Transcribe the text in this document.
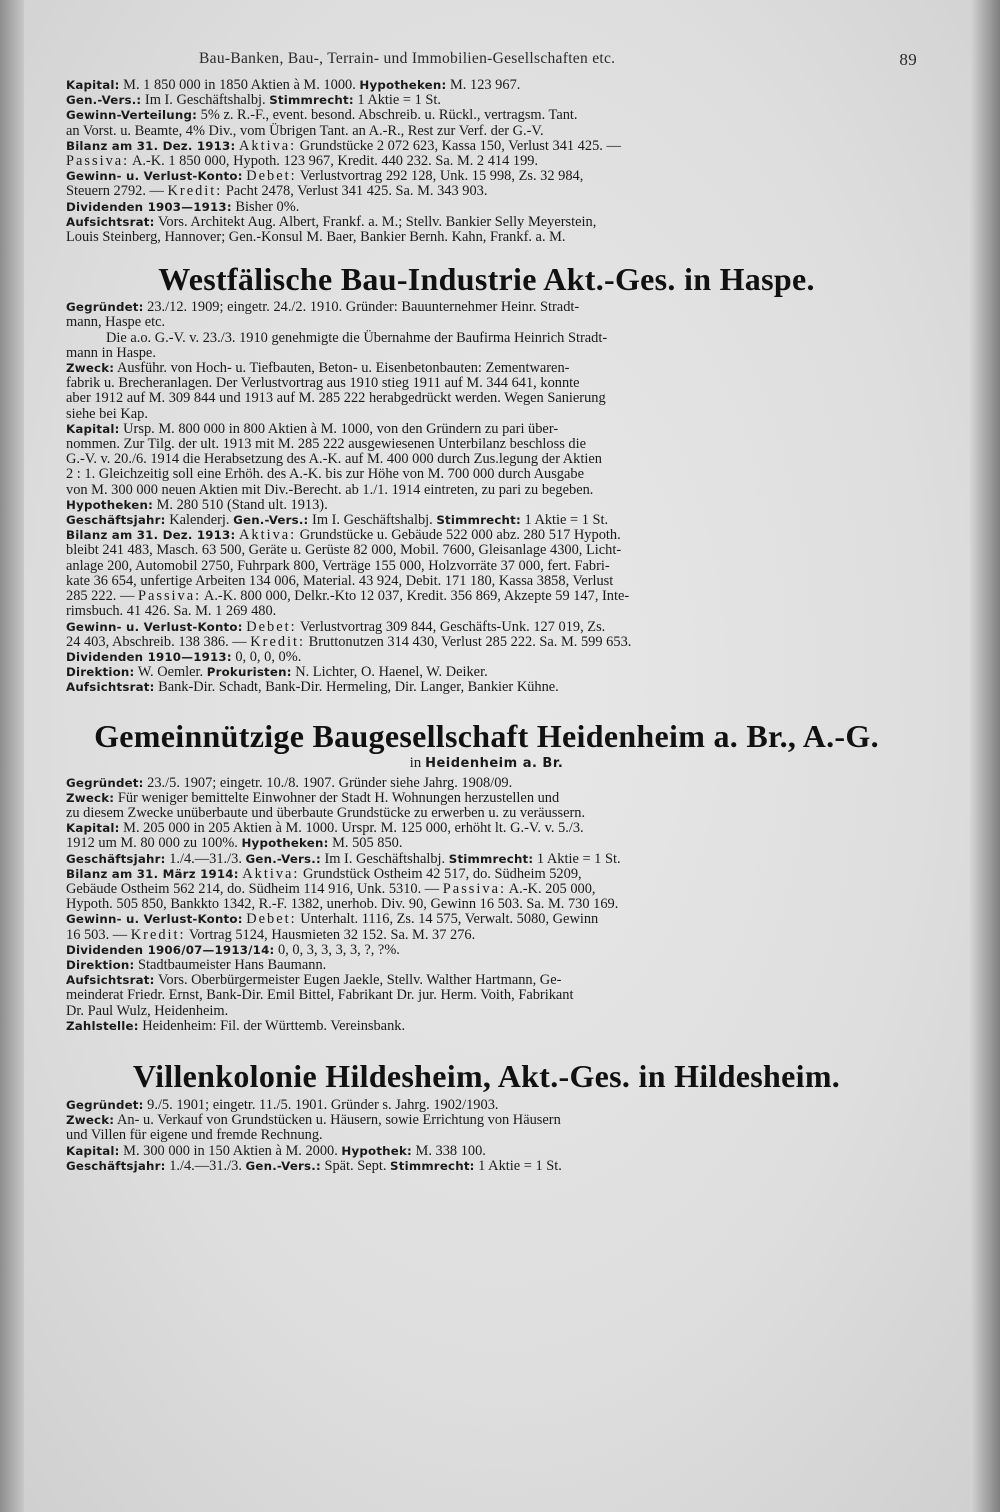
Bau-Banken, Bau-, Terrain- und Immobilien-Gesellschaften etc.	89

Kapital: M. 1 850 000 in 1850 Aktien à M. 1000. Hypotheken: M. 123 967.

Gen.-Vers.: Im I. Geschäftshalbj. Stimmrecht: 1 Aktie = 1 St.

Gewinn-Verteilung: 5% z. R.-F., event. besond. Abschreib. u. Rückl., vertragsm. Tant.

an Vorst. u. Beamte, 4% Div., vom Übrigen Tant. an A.-R., Rest zur Verf. der G.-V.

Bilanz am 31. Dez. 1913: Aktiva: Grundstücke 2 072 623, Kassa 150, Verlust 341 425. —

Passiva: A.-K. 1 850 000, Hypoth. 123 967, Kredit. 440 232. Sa. M. 2 414 199.

Gewinn- u. Verlust-Konto: Debet: Verlustvortrag 292 128, Unk. 15 998, Zs. 32 984,

Steuern 2792. — Kredit: Pacht 2478, Verlust 341 425. Sa. M. 343 903.

Dividenden 1903—1913: Bisher 0%.

Aufsichtsrat: Vors. Architekt Aug. Albert, Frankf. a. M.; Stellv. Bankier Selly Meyerstein,

Louis Steinberg, Hannover; Gen.-Konsul M. Baer, Bankier Bernh. Kahn, Frankf. a. M.

Westfälische Bau-Industrie Akt.-Ges. in Haspe.

Gegründet: 23./12. 1909; eingetr. 24./2. 1910. Gründer: Bauunternehmer Heinr. Stradt-

mann, Haspe etc.

Die a.o. G.-V. v. 23./3. 1910 genehmigte die Übernahme der Baufirma Heinrich Stradt-

mann in Haspe.

Zweck: Ausführ. von Hoch- u. Tiefbauten, Beton- u. Eisenbetonbauten: Zementwaren-

fabrik u. Brecheranlagen. Der Verlustvortrag aus 1910 stieg 1911 auf M. 344 641, konnte

aber 1912 auf M. 309 844 und 1913 auf M. 285 222 herabgedrückt werden. Wegen Sanierung

siehe bei Kap.

Kapital: Ursp. M. 800 000 in 800 Aktien à M. 1000, von den Gründern zu pari über-

nommen. Zur Tilg. der ult. 1913 mit M. 285 222 ausgewiesenen Unterbilanz beschloss die

G.-V. v. 20./6. 1914 die Herabsetzung des A.-K. auf M. 400 000 durch Zus.legung der Aktien

2 : 1. Gleichzeitig soll eine Erhöh. des A.-K. bis zur Höhe von M. 700 000 durch Ausgabe

von M. 300 000 neuen Aktien mit Div.-Berecht. ab 1./1. 1914 eintreten, zu pari zu begeben.

Hypotheken: M. 280 510 (Stand ult. 1913).

Geschäftsjahr: Kalenderj. Gen.-Vers.: Im I. Geschäftshalbj. Stimmrecht: 1 Aktie = 1 St.

Bilanz am 31. Dez. 1913: Aktiva: Grundstücke u. Gebäude 522 000 abz. 280 517 Hypoth.

bleibt 241 483, Masch. 63 500, Geräte u. Gerüste 82 000, Mobil. 7600, Gleisanlage 4300, Licht-

anlage 200, Automobil 2750, Fuhrpark 800, Verträge 155 000, Holzvorräte 37 000, fert. Fabri-

kate 36 654, unfertige Arbeiten 134 006, Material. 43 924, Debit. 171 180, Kassa 3858, Verlust

285 222. — Passiva: A.-K. 800 000, Delkr.-Kto 12 037, Kredit. 356 869, Akzepte 59 147, Inte-

rimsbuch. 41 426. Sa. M. 1 269 480.

Gewinn- u. Verlust-Konto: Debet: Verlustvortrag 309 844, Geschäfts-Unk. 127 019, Zs.

24 403, Abschreib. 138 386. — Kredit: Bruttonutzen 314 430, Verlust 285 222. Sa. M. 599 653.

Dividenden 1910—1913: 0, 0, 0, 0%.

Direktion: W. Oemler. Prokuristen: N. Lichter, O. Haenel, W. Deiker.

Aufsichtsrat: Bank-Dir. Schadt, Bank-Dir. Hermeling, Dir. Langer, Bankier Kühne.

Gemeinnützige Baugesellschaft Heidenheim a. Br., A.-G.

in Heidenheim a. Br.

Gegründet: 23./5. 1907; eingetr. 10./8. 1907. Gründer siehe Jahrg. 1908/09.

Zweck: Für weniger bemittelte Einwohner der Stadt H. Wohnungen herzustellen und

zu diesem Zwecke unüberbaute und überbaute Grundstücke zu erwerben u. zu veräussern.

Kapital: M. 205 000 in 205 Aktien à M. 1000. Urspr. M. 125 000, erhöht lt. G.-V. v. 5./3.

1912 um M. 80 000 zu 100%. Hypotheken: M. 505 850.

Geschäftsjahr: 1./4.—31./3. Gen.-Vers.: Im I. Geschäftshalbj. Stimmrecht: 1 Aktie = 1 St.

Bilanz am 31. März 1914: Aktiva: Grundstück Ostheim 42 517, do. Südheim 5209,

Gebäude Ostheim 562 214, do. Südheim 114 916, Unk. 5310. — Passiva: A.-K. 205 000,

Hypoth. 505 850, Bankkto 1342, R.-F. 1382, unerhob. Div. 90, Gewinn 16 503. Sa. M. 730 169.

Gewinn- u. Verlust-Konto: Debet: Unterhalt. 1116, Zs. 14 575, Verwalt. 5080, Gewinn

16 503. — Kredit: Vortrag 5124, Hausmieten 32 152. Sa. M. 37 276.

Dividenden 1906/07—1913/14: 0, 0, 3, 3, 3, 3, ?, ?%.

Direktion: Stadtbaumeister Hans Baumann.

Aufsichtsrat: Vors. Oberbürgermeister Eugen Jaekle, Stellv. Walther Hartmann, Ge-

meinderat Friedr. Ernst, Bank-Dir. Emil Bittel, Fabrikant Dr. jur. Herm. Voith, Fabrikant

Dr. Paul Wulz, Heidenheim.

Zahlstelle: Heidenheim: Fil. der Württemb. Vereinsbank.

Villenkolonie Hildesheim, Akt.-Ges. in Hildesheim.

Gegründet: 9./5. 1901; eingetr. 11./5. 1901. Gründer s. Jahrg. 1902/1903.

Zweck: An- u. Verkauf von Grundstücken u. Häusern, sowie Errichtung von Häusern

und Villen für eigene und fremde Rechnung.

Kapital: M. 300 000 in 150 Aktien à M. 2000. Hypothek: M. 338 100.

Geschäftsjahr: 1./4.—31./3. Gen.-Vers.: Spät. Sept. Stimmrecht: 1 Aktie = 1 St.
